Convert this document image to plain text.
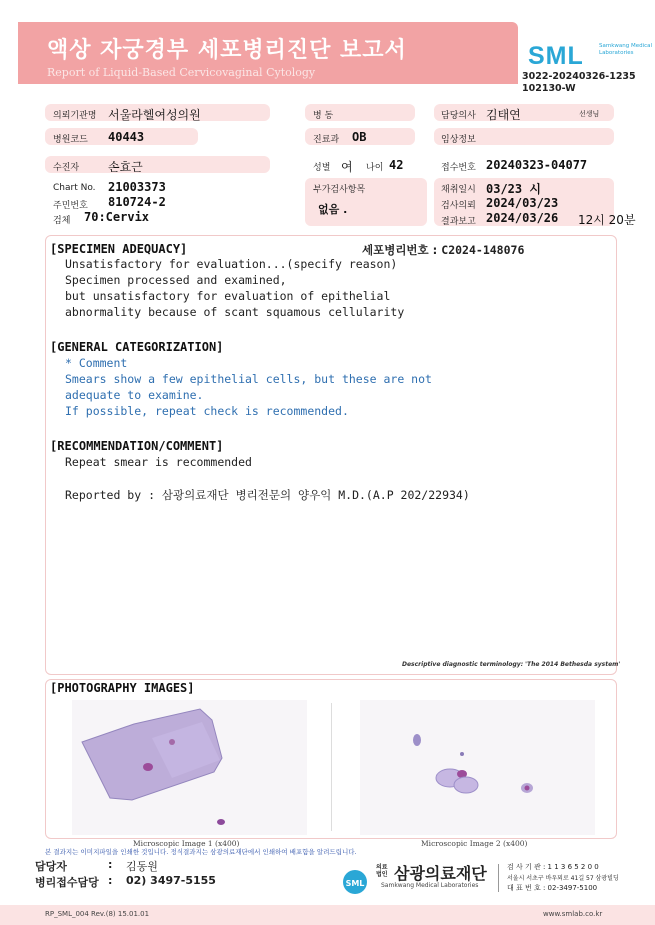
액상 자궁경부 세포병리진단 보고서
Report of Liquid-Based Cervicovaginal Cytology
SML	Samkwang Medical Laboratories
3022-20240326-1235
102130-W
의뢰기관명 서울라헬여성의원	병 동	담당의사 김태연	선생님
병원코드 40443	진료과 OB	임상정보
수진자 손효근	성별 여 나이 42	접수번호 20240323-04077
Chart No. 21003373
주민번호 810724-2
검체 70:Cervix
부가검사항목
없음 .
채취일시 03/23 시
검사의뢰 2024/03/23
결과보고 2024/03/26 12시 20분
[SPECIMEN ADEQUACY]	세포병리번호 : C2024-148076
Unsatisfactory for evaluation...(specify reason)
Specimen processed and examined,
but unsatisfactory for evaluation of epithelial
abnormality because of scant squamous cellularity
[GENERAL CATEGORIZATION]
* Comment
Smears show a few epithelial cells, but these are not
adequate to examine.
If possible, repeat check is recommended.
[RECOMMENDATION/COMMENT]
Repeat smear is recommended
Reported by : 삼광의료재단 병리전문의 양우익 M.D.(A.P 202/22934)
Descriptive diagnostic terminology: 'The 2014 Bethesda system'
[PHOTOGRAPHY IMAGES]
Microscopic Image 1 (x400)	Microscopic Image 2 (x400)
본 결과지는 이미지파일을 인쇄한 것입니다. 정식결과지는 삼광의료재단에서 인쇄하여 배포함을 알려드립니다.
담당자	: 김동원
병리접수담당 : 02) 3497-5155	SML
의료 법인 삼광의료재단
Samkwang Medical Laboratories
검 사 기 관 : 1 1 3 6 5 2 0 0
서울시 서초구 바우뫼로 41길 57 삼광빌딩
대 표 번 호 : 02-3497-5100
RP_SML_004 Rev.(8) 15.01.01	www.smlab.co.kr
